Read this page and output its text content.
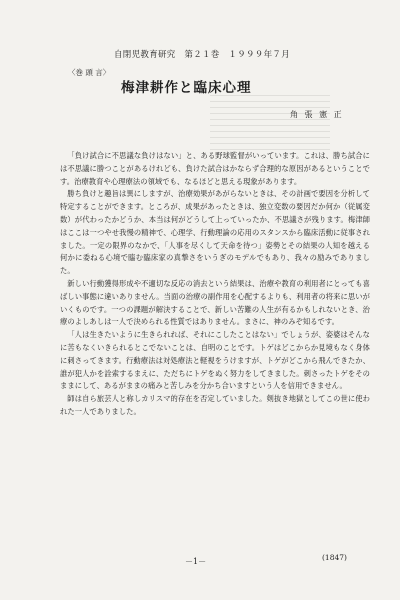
自閉児教育研究　第２１巻　１９９９年７月
〈巻 頭 言〉
梅津耕作と臨床心理
角 張 憲 正

「負け試合に不思議な負けはない」と、ある野球監督がいっています。これは、勝ち試合には不思議に勝つことがあるけれども、負けた試合はかならず合理的な原因があるということです。治療教育や心理療法の領域でも、なるほどと思える現象があります。

勝ち負けと趣旨は異にしますが、治療効果があがらないときは、その計画で要因を分析して特定することができます。ところが、成果があったときは、独立変数の要因だか何か（従属変数）が代わったかどうか、本当は何がどうして上っていったか、不思議さが残ります。梅津師はここは一つやせ我慢の精神で、心理学、行動理論の応用のスタンスから臨床活動に従事されました。一定の限界のなかで、「人事を尽くして天命を待つ」姿勢とその結果の人知を越える何かに委ねる心境で臨む臨床家の真摯さをいうぎのモデルでもあり、我々の励みでありました。

新しい行動獲得形成や不適切な反応の消去という結果は、治療や教育の利用者にとっても喜ばしい事態に違いありません。当面の治療の副作用を心配するよりも、利用者の将来に思いがいくものです。一つの課題が解決することで、新しい苦難の人生が有るかもしれないとき、治療のよしあしは一人で決められる性質ではありません。まさに、神のみぞ知るです。

「人は生きたいように生きられれば、それにこしたことはない」でしょうが、姿婆はそんなに苦もなくいきられるとこでないことは、自明のことです。トゲはどこからか見境もなく身体に刺さってきます。行動療法は対処療法と軽視をうけますが、トゲがどこから飛んできたか、誰が犯人かを詮索するまえに、ただちにトゲをぬく努力をしてきました。刺さったトゲをそのままにして、あるがままの痛みと苦しみを分かち合いますという人を信用できません。

師は自ら旅芸人と称しカリスマ的存在を否定していました。剣抜き地獄としてこの世に使われた一人でありました。

－1－	(1847)
